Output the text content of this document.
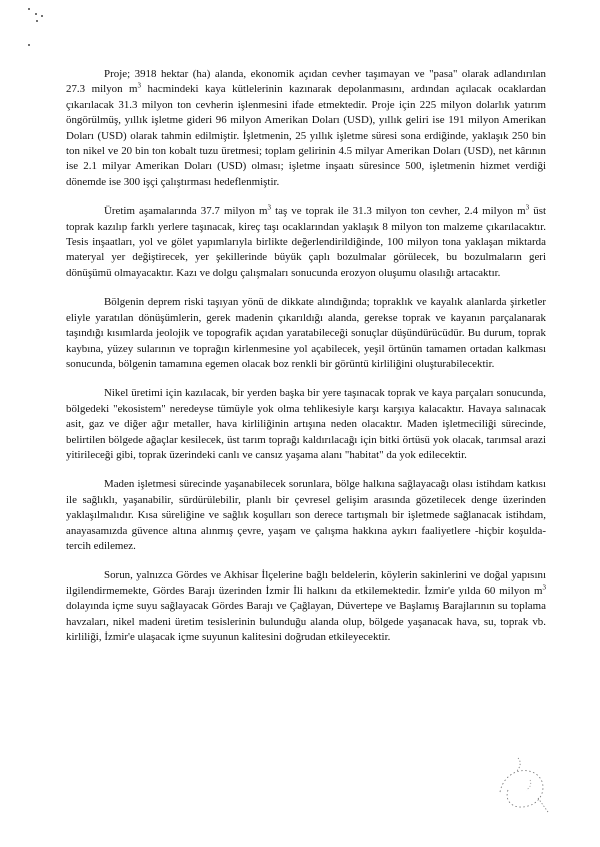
Proje; 3918 hektar (ha) alanda, ekonomik açıdan cevher taşımayan ve "pasa" olarak adlandırılan 27.3 milyon $m^3$ hacmindeki kaya kütlelerinin kazınarak depolanmasını, ardından açılacak ocaklardan çıkarılacak 31.3 milyon ton cevherin işlenmesini ifade etmektedir. Proje için 225 milyon dolarlık yatırım öngörülmüş, yıllık işletme gideri 96 milyon Amerikan Doları (USD), yıllık geliri ise 191 milyon Amerikan Doları (USD) olarak tahmin edilmiştir. İşletmenin, 25 yıllık işletme süresi sona erdiğinde, yaklaşık 250 bin ton nikel ve 20 bin ton kobalt tuzu üretmesi; toplam gelirinin 4.5 milyar Amerikan Doları (USD), net kârının ise 2.1 milyar Amerikan Doları (USD) olması; işletme inşaatı süresince 500, işletmenin hizmet verdiği dönemde ise 300 işçi çalıştırması hedeflenmiştir.

Üretim aşamalarında 37.7 milyon $m^3$ taş ve toprak ile 31.3 milyon ton cevher, 2.4 milyon $m^3$ üst toprak kazılıp farklı yerlere taşınacak, kireç taşı ocaklarından yaklaşık 8 milyon ton malzeme çıkarılacaktır. Tesis inşaatları, yol ve gölet yapımlarıyla birlikte değerlendirildiğinde, 100 milyon tona yaklaşan miktarda materyal yer değiştirecek, yer şekillerinde büyük çaplı bozulmalar görülecek, bu bozulmaların geri dönüşümü olmayacaktır. Kazı ve dolgu çalışmaları sonucunda erozyon oluşumu olasılığı artacaktır.

Bölgenin deprem riski taşıyan yönü de dikkate alındığında; topraklık ve kayalık alanlarda şirketler eliyle yaratılan dönüşümlerin, gerek madenin çıkarıldığı alanda, gerekse toprak ve kayanın parçalanarak taşındığı kısımlarda jeolojik ve topografik açıdan yaratabileceği sonuçlar düşündürücüdür. Bu durum, toprak kaybına, yüzey sularının ve toprağın kirlenmesine yol açabilecek, yeşil örtünün tamamen ortadan kalkması sonucunda, bölgenin tamamına egemen olacak boz renkli bir görüntü kirliliğini oluşturabilecektir.

Nikel üretimi için kazılacak, bir yerden başka bir yere taşınacak toprak ve kaya parçaları sonucunda, bölgedeki "ekosistem" neredeyse tümüyle yok olma tehlikesiyle karşı karşıya kalacaktır. Havaya salınacak asit, gaz ve diğer ağır metaller, hava kirliliğinin artışına neden olacaktır. Maden işletmeciliği sürecinde, belirtilen bölgede ağaçlar kesilecek, üst tarım toprağı kaldırılacağı için bitki örtüsü yok olacak, tarımsal arazi yitirileceği gibi, toprak üzerindeki canlı ve cansız yaşama alanı "habitat" da yok edilecektir.

Maden işletmesi sürecinde yaşanabilecek sorunlara, bölge halkına sağlayacağı olası istihdam katkısı ile sağlıklı, yaşanabilir, sürdürülebilir, planlı bir çevresel gelişim arasında gözetilecek denge üzerinden yaklaşılmalıdır. Kısa süreliğine ve sağlık koşulları son derece tartışmalı bir işletmede sağlanacak istihdam, anayasamızda güvence altına alınmış çevre, yaşam ve çalışma hakkına aykırı faaliyetlere -hiçbir koşulda- tercih edilemez.

Sorun, yalnızca Gördes ve Akhisar İlçelerine bağlı beldelerin, köylerin sakinlerini ve doğal yapısını ilgilendirmemekte, Gördes Barajı üzerinden İzmir İli halkını da etkilemektedir. İzmir'e yılda 60 milyon $m^3$ dolayında içme suyu sağlayacak Gördes Barajı ve Çağlayan, Düvertepe ve Başlamış Barajlarının su toplama havzaları, nikel madeni üretim tesislerinin bulunduğu alanda olup, bölgede yaşanacak hava, su, toprak vb. kirliliği, İzmir'e ulaşacak içme suyunun kalitesini doğrudan etkileyecektir.
